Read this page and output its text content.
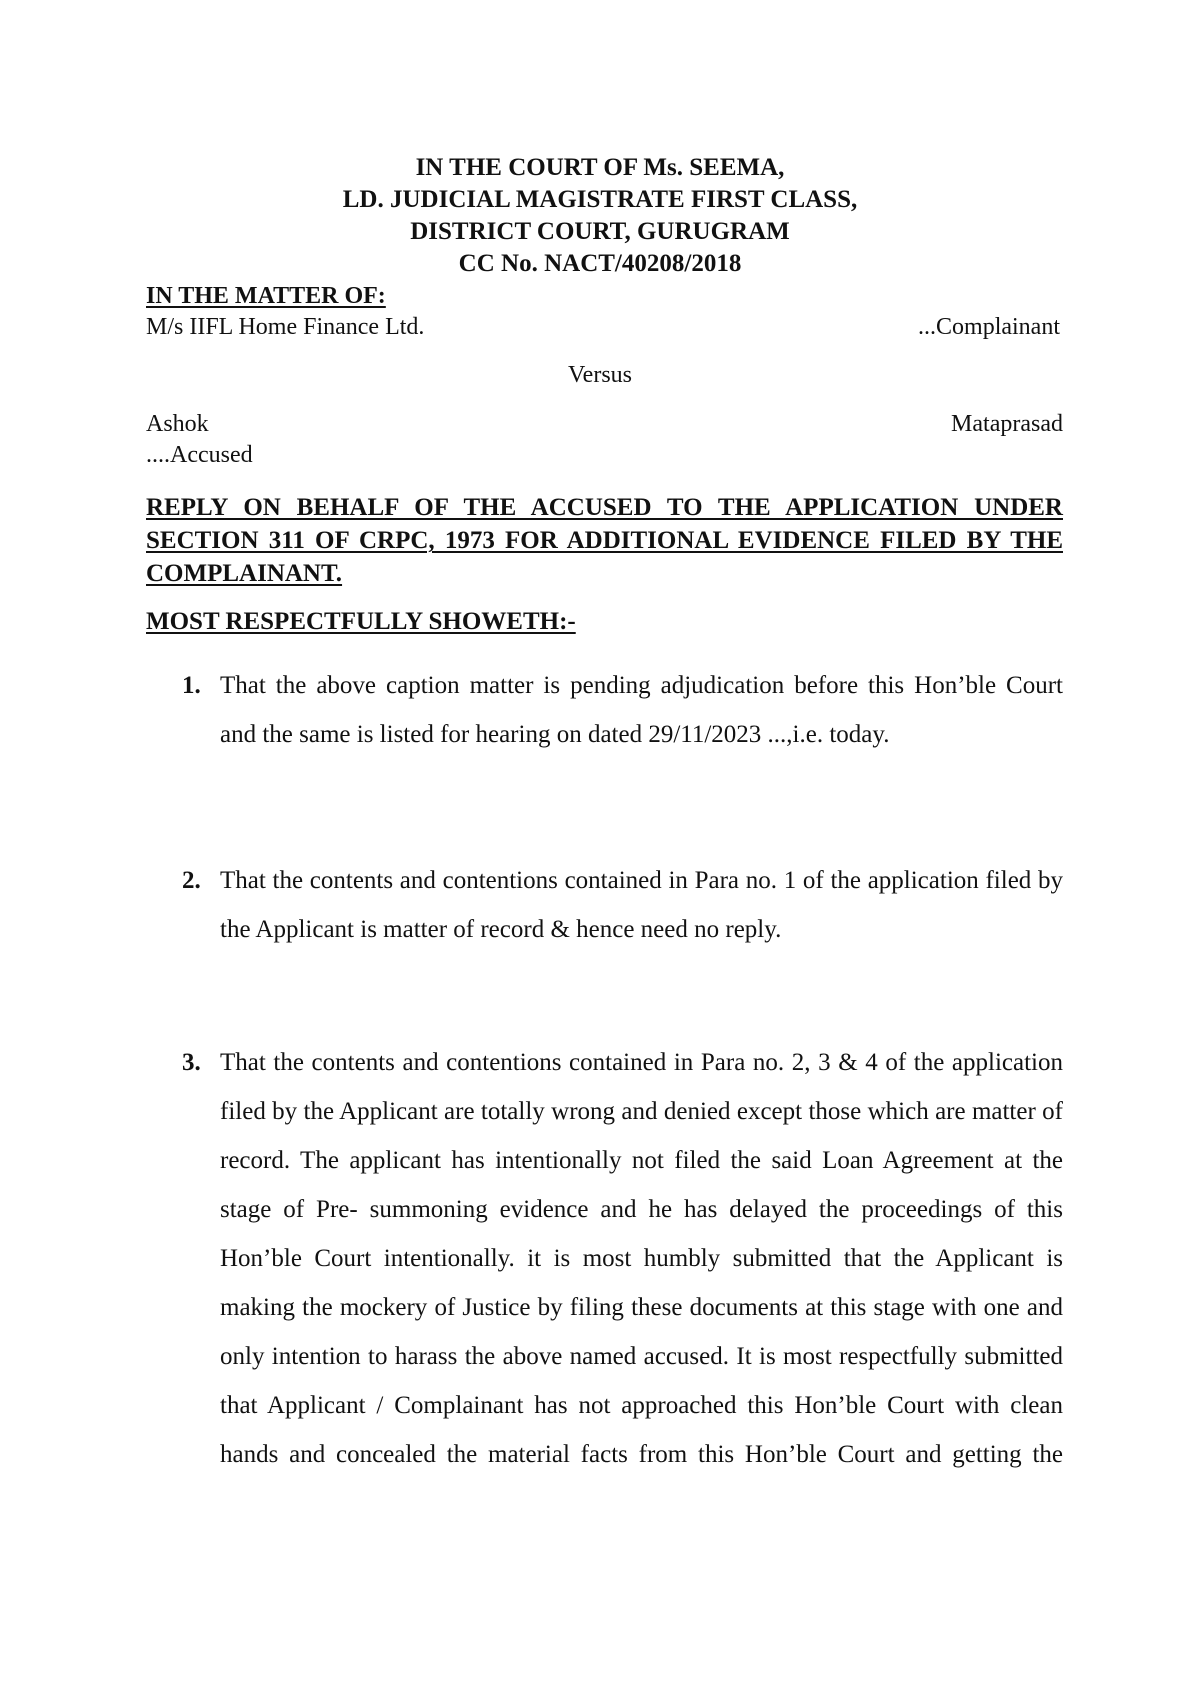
IN THE COURT OF Ms. SEEMA,
LD. JUDICIAL MAGISTRATE FIRST CLASS,
DISTRICT COURT, GURUGRAM
CC No. NACT/40208/2018
IN THE MATTER OF:
M/s IIFL Home Finance Ltd.	...Complainant
Versus
Ashok	Mataprasad
....Accused
REPLY ON BEHALF OF THE ACCUSED TO THE APPLICATION UNDER SECTION 311 OF CRPC, 1973 FOR ADDITIONAL EVIDENCE FILED BY THE COMPLAINANT.
MOST RESPECTFULLY SHOWETH:-
1. That the above caption matter is pending adjudication before this Hon’ble Court and the same is listed for hearing on dated 29/11/2023 ...,i.e. today.
2. That the contents and contentions contained in Para no. 1 of the application filed by the Applicant is matter of record & hence need no reply.
3. That the contents and contentions contained in Para no. 2, 3 & 4 of the application filed by the Applicant are totally wrong and denied except those which are matter of record. The applicant has intentionally not filed the said Loan Agreement at the stage of Pre- summoning evidence and he has delayed the proceedings of this Hon’ble Court intentionally. it is most humbly submitted that the Applicant is making the mockery of Justice by filing these documents at this stage with one and only intention to harass the above named accused. It is most respectfully submitted that Applicant / Complainant has not approached this Hon’ble Court with clean hands and concealed the material facts from this Hon’ble Court and getting the
